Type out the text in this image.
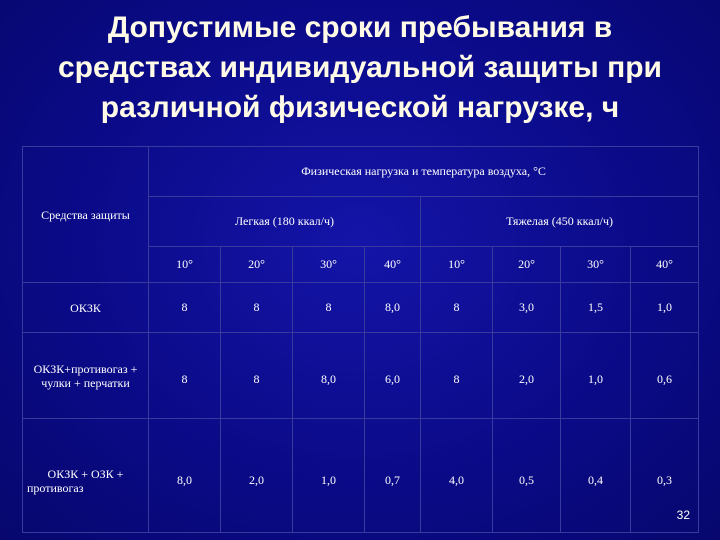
Допустимые сроки пребывания в
средствах индивидуальной защиты при
различной физической нагрузке, ч
Средства защиты	Физическая нагрузка и температура воздуха, °С							
	Легкая (180 ккал/ч)				Тяжелая (450 ккал/ч)			
	10°	20°	30°	40°	10°	20°	30°	40°
ОКЗК	8	8	8	8,0	8	3,0	1,5	1,0
ОКЗК+противогаз + чулки + перчатки	8	8	8,0	6,0	8	2,0	1,0	0,6
ОКЗК + ОЗК + противогаз	8,0	2,0	1,0	0,7	4,0	0,5	0,4	0,3
32
